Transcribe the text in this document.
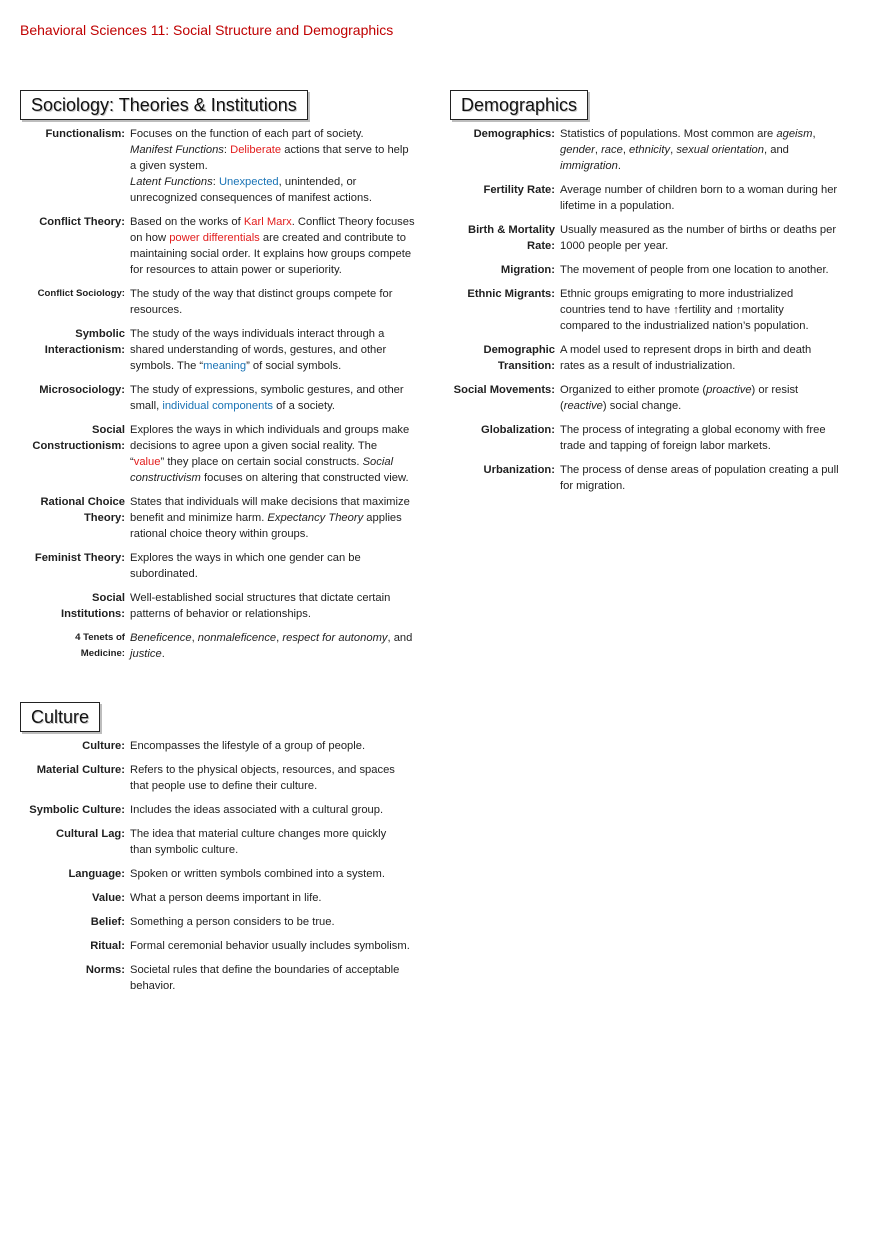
Behavioral Sciences 11: Social Structure and Demographics
Sociology: Theories & Institutions
Functionalism: Focuses on the function of each part of society.
Manifest Functions: Deliberate actions that serve to help
a given system.
Latent Functions: Unexpected, unintended, or
unrecognized consequences of manifest actions.
Conflict Theory: Based on the works of Karl Marx. Conflict Theory focuses
on how power differentials are created and contribute to
maintaining social order. It explains how groups compete
for resources to attain power or superiority.
Conflict Sociology: The study of the way that distinct groups compete for
resources.
Symbolic
Interactionism:
The study of the ways individuals interact through a
shared understanding of words, gestures, and other
symbols. The “meaning” of social symbols.
Microsociology: The study of expressions, symbolic gestures, and other
small, individual components of a society.
Social
Constructionism:
Explores the ways in which individuals and groups make
decisions to agree upon a given social reality. The
“value” they place on certain social constructs. Social
constructivism focuses on altering that constructed view.
Rational Choice
Theory:
States that individuals will make decisions that maximize
benefit and minimize harm. Expectancy Theory applies
rational choice theory within groups.
Feminist Theory: Explores the ways in which one gender can be
subordinated.
Social
Institutions:
Well-established social structures that dictate certain
patterns of behavior or relationships.
4 Tenets of
Medicine:
Beneficence, nonmaleficence, respect for autonomy, and
justice.
Demographics
Demographics: Statistics of populations. Most common are ageism,
gender, race, ethnicity, sexual orientation, and
immigration.
Fertility Rate: Average number of children born to a woman during her
lifetime in a population.
Birth & Mortality
Rate:
Usually measured as the number of births or deaths per
1000 people per year.
Migration: The movement of people from one location to another.
Ethnic Migrants: Ethnic groups emigrating to more industrialized
countries tend to have ↑fertility and ↑mortality
compared to the industrialized nation’s population.
Demographic
Transition:
A model used to represent drops in birth and death
rates as a result of industrialization.
Social Movements: Organized to either promote (proactive) or resist
(reactive) social change.
Globalization: The process of integrating a global economy with free
trade and tapping of foreign labor markets.
Urbanization: The process of dense areas of population creating a pull
for migration.
Culture
Culture: Encompasses the lifestyle of a group of people.
Material Culture: Refers to the physical objects, resources, and spaces
that people use to define their culture.
Symbolic Culture: Includes the ideas associated with a cultural group.
Cultural Lag: The idea that material culture changes more quickly
than symbolic culture.
Language: Spoken or written symbols combined into a system.
Value: What a person deems important in life.
Belief: Something a person considers to be true.
Ritual: Formal ceremonial behavior usually includes symbolism.
Norms: Societal rules that define the boundaries of acceptable
behavior.
